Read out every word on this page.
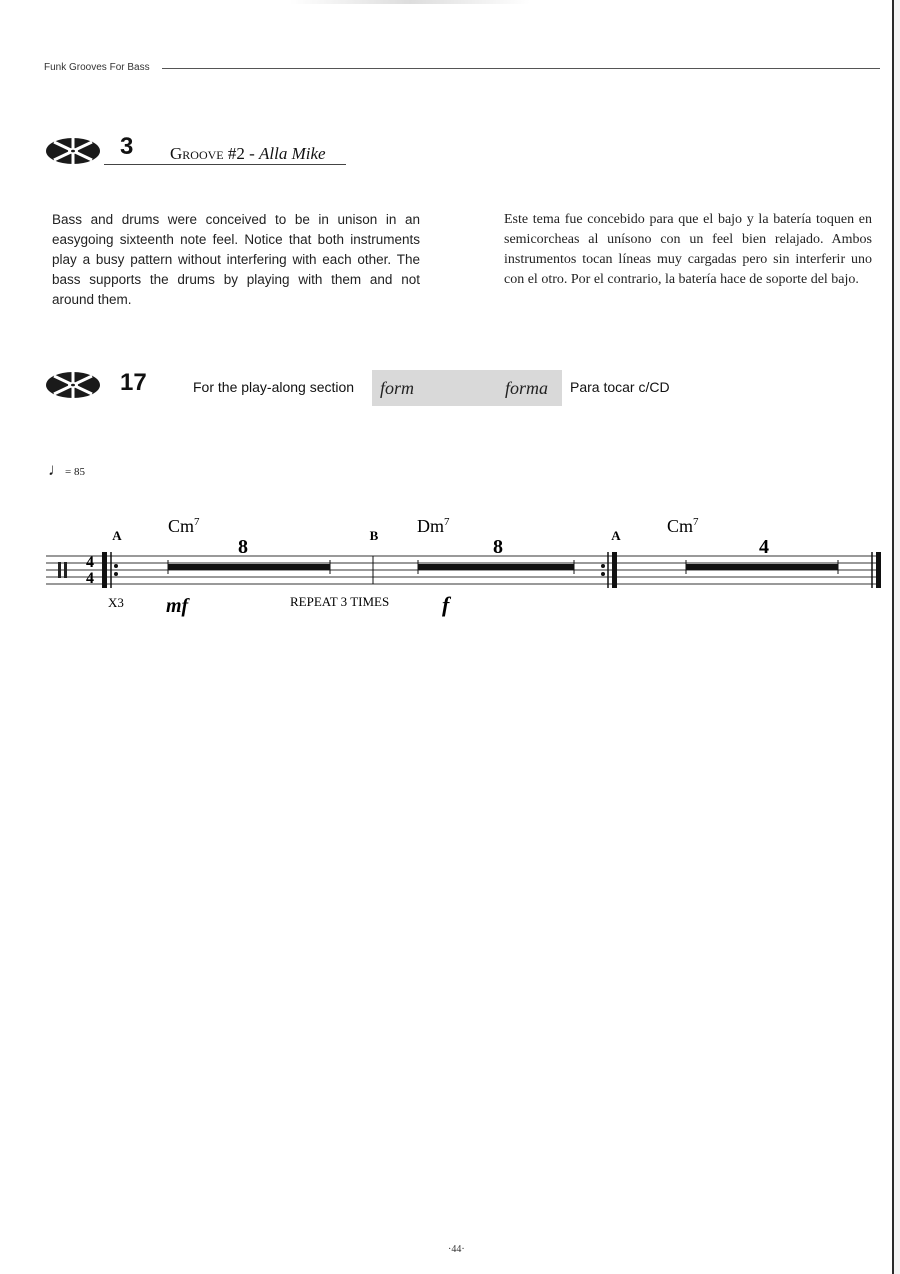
Funk Grooves For Bass
3 Groove #2 - Alla Mike
Bass and drums were conceived to be in unison in an easygoing sixteenth note feel. Notice that both instruments play a busy pattern without interfering with each other. The bass supports the drums by playing with them and not around them.
Este tema fue concebido para que el bajo y la batería toquen en semicorcheas al unísono con un feel bien relajado. Ambos instrumentos tocan líneas muy cargadas pero sin interferir uno con el otro. Por el contrario, la batería hace de soporte del bajo.
17	For the play-along section form	forma Para tocar c/CD
♩= 85
4
4
A	Cm$^7$
8
B Dm$^7$
8
A	Cm$^7$
4
X3 mf	REPEAT 3 TIMES f
·44·
